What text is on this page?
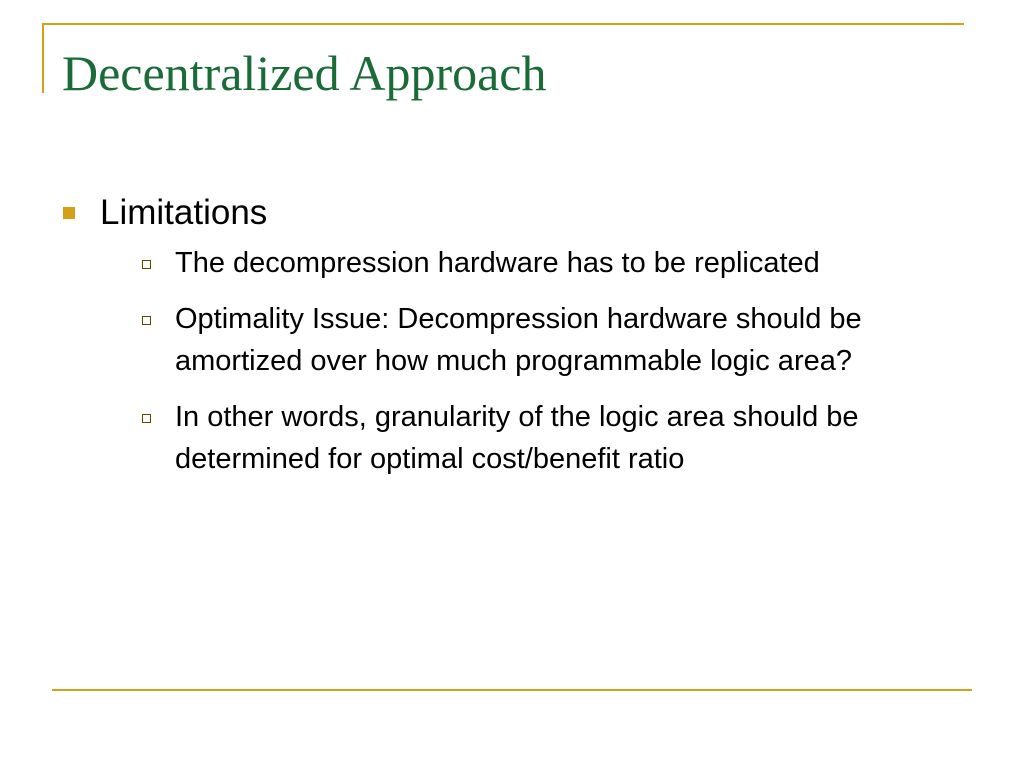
Decentralized Approach
Limitations
The decompression hardware has to be replicated
Optimality Issue: Decompression hardware should be amortized over how much programmable logic area?
In other words, granularity of the logic area should be determined for optimal cost/benefit ratio
